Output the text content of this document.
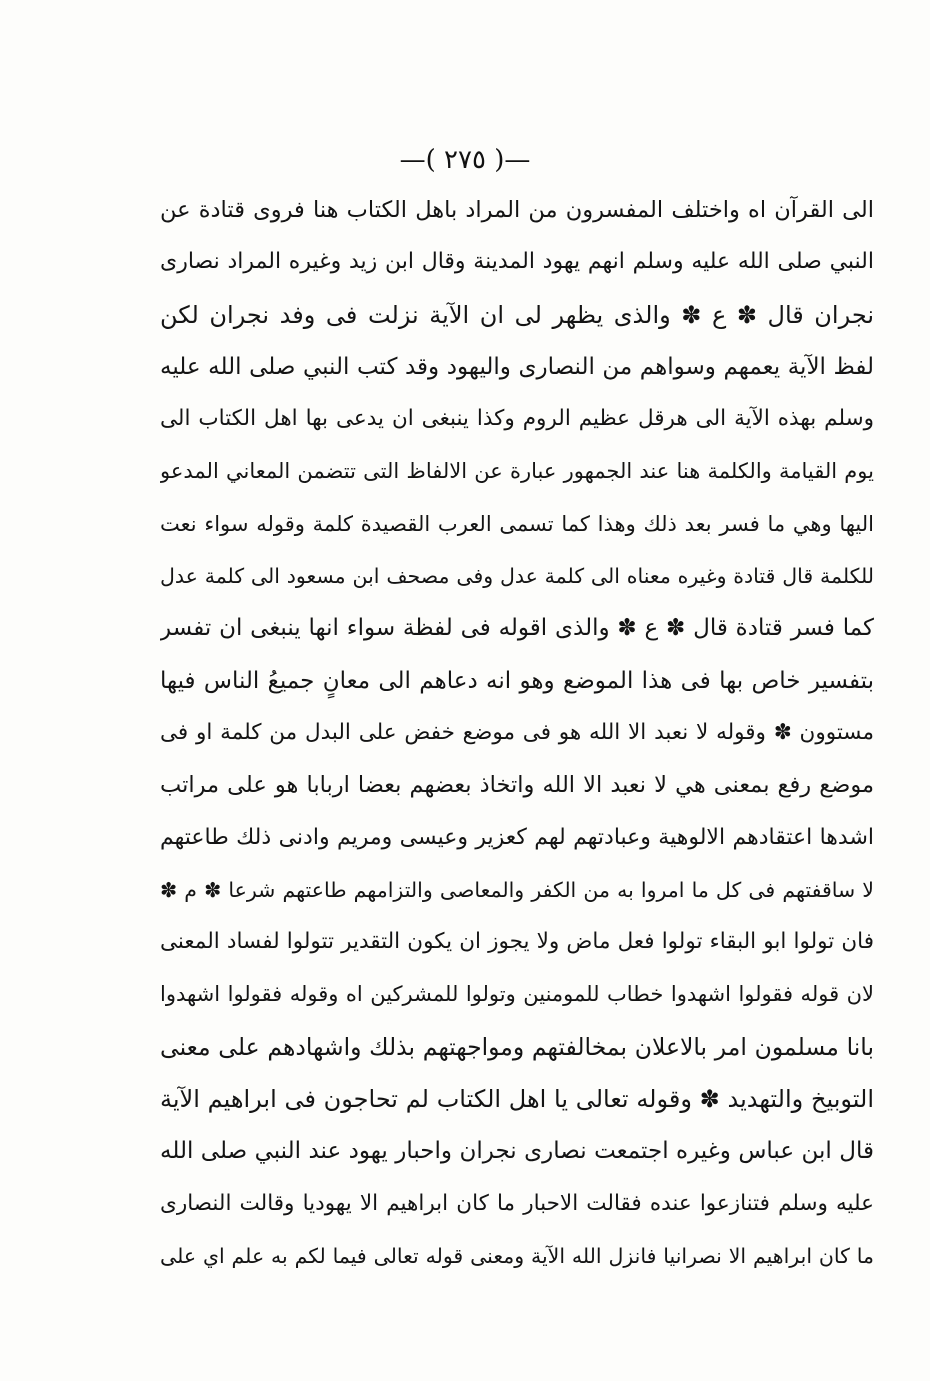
—( ٢٧٥ )—
الى القرآن اه واختلف المفسرون من المراد باهل الكتاب هنا فروى قتادة عن
النبي صلى الله عليه وسلم انهم يهود المدينة وقال ابن زيد وغيره المراد نصارى
نجران قال ✽ ع ✽ والذى يظهر لى ان الآية نزلت فى وفد نجران لكن
لفظ الآية يعمهم وسواهم من النصارى واليهود وقد كتب النبي صلى الله عليه
وسلم بهذه الآية الى هرقل عظيم الروم وكذا ينبغى ان يدعى بها اهل الكتاب الى
يوم القيامة والكلمة هنا عند الجمهور عبارة عن الالفاظ التى تتضمن المعاني المدعو
اليها وهي ما فسر بعد ذلك وهذا كما تسمى العرب القصيدة كلمة وقوله سواء نعت
للكلمة قال قتادة وغيره معناه الى كلمة عدل وفى مصحف ابن مسعود الى كلمة عدل
كما فسر قتادة قال ✽ ع ✽ والذى اقوله فى لفظة سواء انها ينبغى ان تفسر
بتفسير خاص بها فى هذا الموضع وهو انه دعاهم الى معانٍ جميعُ الناس فيها
مستوون ✽ وقوله لا نعبد الا الله هو فى موضع خفض على البدل من كلمة او فى
موضع رفع بمعنى هي لا نعبد الا الله واتخاذ بعضهم بعضا اربابا هو على مراتب
اشدها اعتقادهم الالوهية وعبادتهم لهم كعزير وعيسى ومريم وادنى ذلك طاعتهم
لا ساقفتهم فى كل ما امروا به من الكفر والمعاصى والتزامهم طاعتهم شرعا ✽ م ✽
فان تولوا ابو البقاء تولوا فعل ماض ولا يجوز ان يكون التقدير تتولوا لفساد المعنى
لان قوله فقولوا اشهدوا خطاب للمومنين وتولوا للمشركين اه وقوله فقولوا اشهدوا
بانا مسلمون امر بالاعلان بمخالفتهم ومواجهتهم بذلك واشهادهم على معنى
التوبيخ والتهديد ✽ وقوله تعالى يا اهل الكتاب لم تحاجون فى ابراهيم الآية
قال ابن عباس وغيره اجتمعت نصارى نجران واحبار يهود عند النبي صلى الله
عليه وسلم فتنازعوا عنده فقالت الاحبار ما كان ابراهيم الا يهوديا وقالت النصارى
ما كان ابراهيم الا نصرانيا فانزل الله الآية ومعنى قوله تعالى فيما لكم به علم اي على
